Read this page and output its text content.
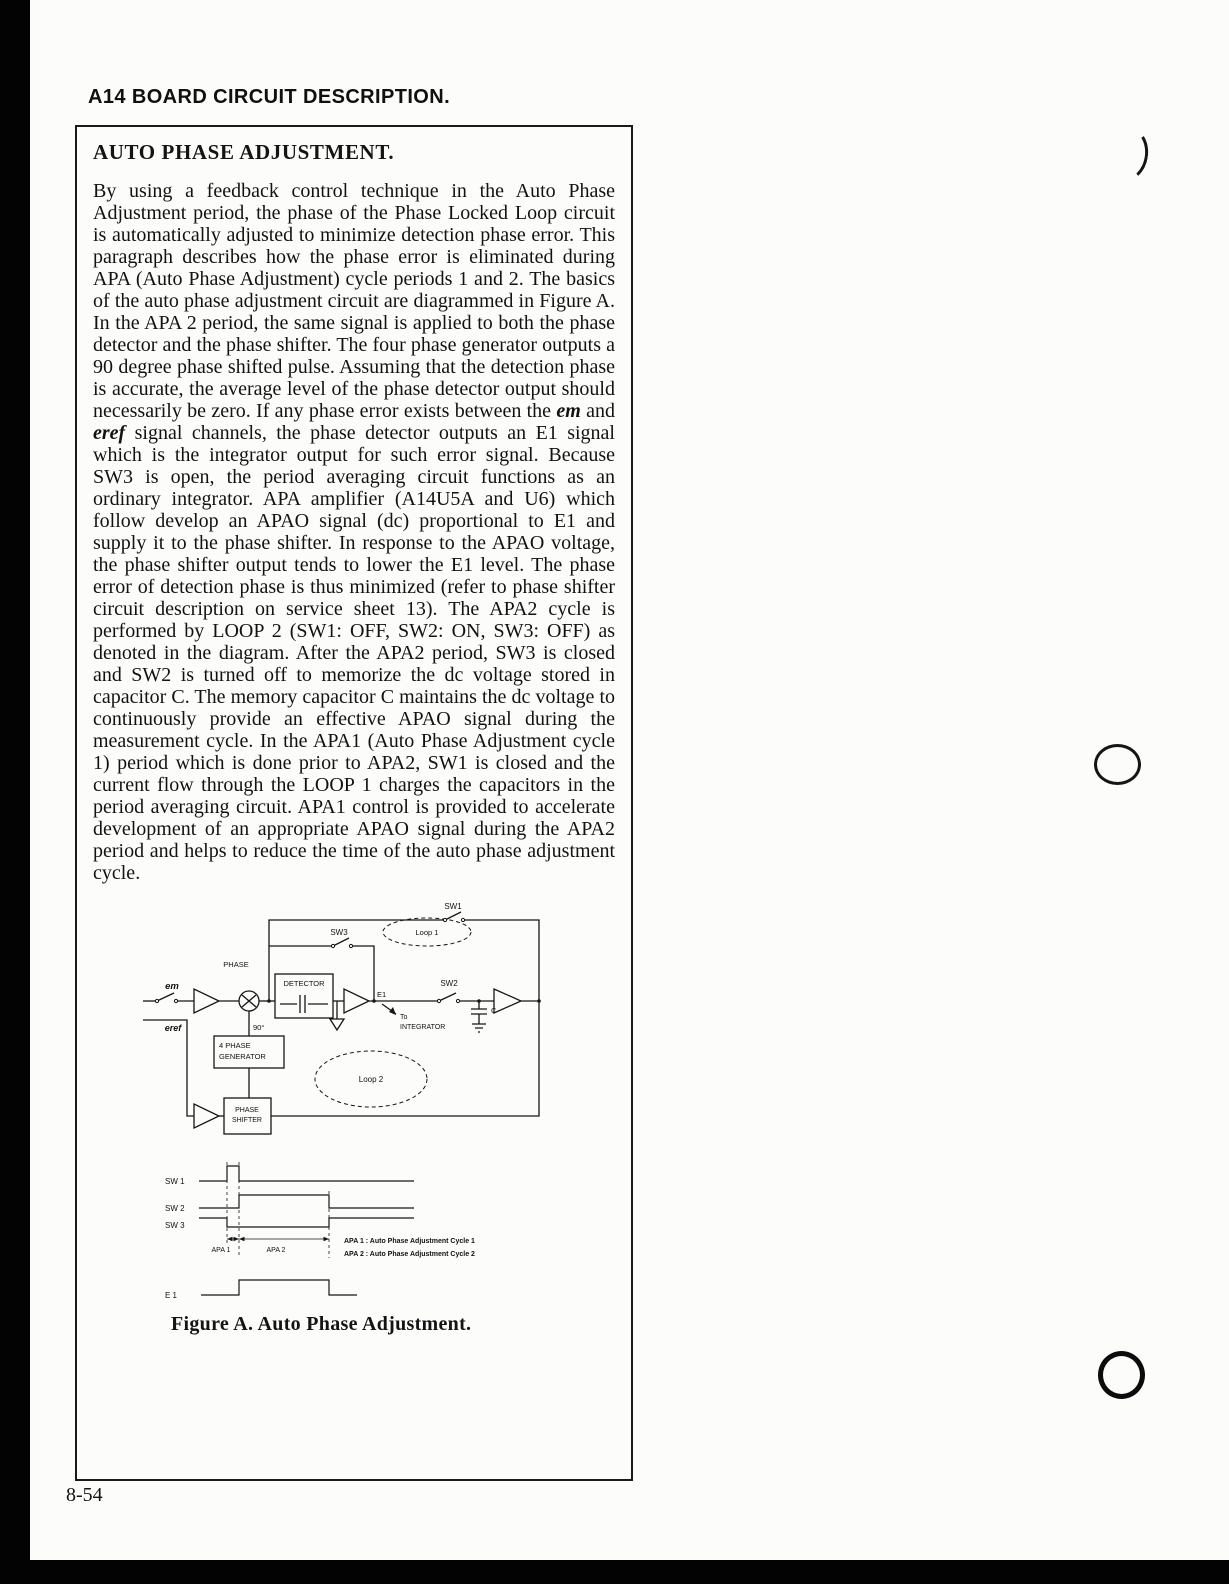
A14 BOARD CIRCUIT DESCRIPTION.
AUTO PHASE ADJUSTMENT.

By using a feedback control technique in the Auto Phase Adjustment period, the phase of the Phase Locked Loop circuit is automatically adjusted to minimize detection phase error. This paragraph describes how the phase error is eliminated during APA (Auto Phase Adjustment) cycle periods 1 and 2. The basics of the auto phase adjustment circuit are diagrammed in Figure A. In the APA 2 period, the same signal is applied to both the phase detector and the phase shifter. The four phase generator outputs a 90 degree phase shifted pulse. Assuming that the detection phase is accurate, the average level of the phase detector output should necessarily be zero. If any phase error exists between the em and eref signal channels, the phase detector outputs an E1 signal which is the integrator output for such error signal. Because SW3 is open, the period averaging circuit functions as an ordinary integrator. APA amplifier (A14U5A and U6) which follow develop an APAO signal (dc) proportional to E1 and supply it to the phase shifter. In response to the APAO voltage, the phase shifter output tends to lower the E1 level. The phase error of detection phase is thus minimized (refer to phase shifter circuit description on service sheet 13). The APA2 cycle is performed by LOOP 2 (SW1: OFF, SW2: ON, SW3: OFF) as denoted in the diagram. After the APA2 period, SW3 is closed and SW2 is turned off to memorize the dc voltage stored in capacitor C. The memory capacitor C maintains the dc voltage to continuously provide an effective APAO signal during the measurement cycle. In the APA1 (Auto Phase Adjustment cycle 1) period which is done prior to APA2, SW1 is closed and the current flow through the LOOP 1 charges the capacitors in the period averaging circuit. APA1 control is provided to accelerate development of an appropriate APAO signal during the APA2 period and helps to reduce the time of the auto phase adjustment cycle.

SW1
SW3	Loop 1
PHASE
DETECTOR	SW2
E1
To
INTEGRATOR
C
em
eref	90°
4 PHASE
GENERATOR
Loop 2
PHASE
SHIFTER
SW 1
SW 2
SW 3
APA 1	APA 2
APA 1 : Auto Phase Adjustment Cycle 1
APA 2 : Auto Phase Adjustment Cycle 2
E 1
Figure A. Auto Phase Adjustment.
8-54
